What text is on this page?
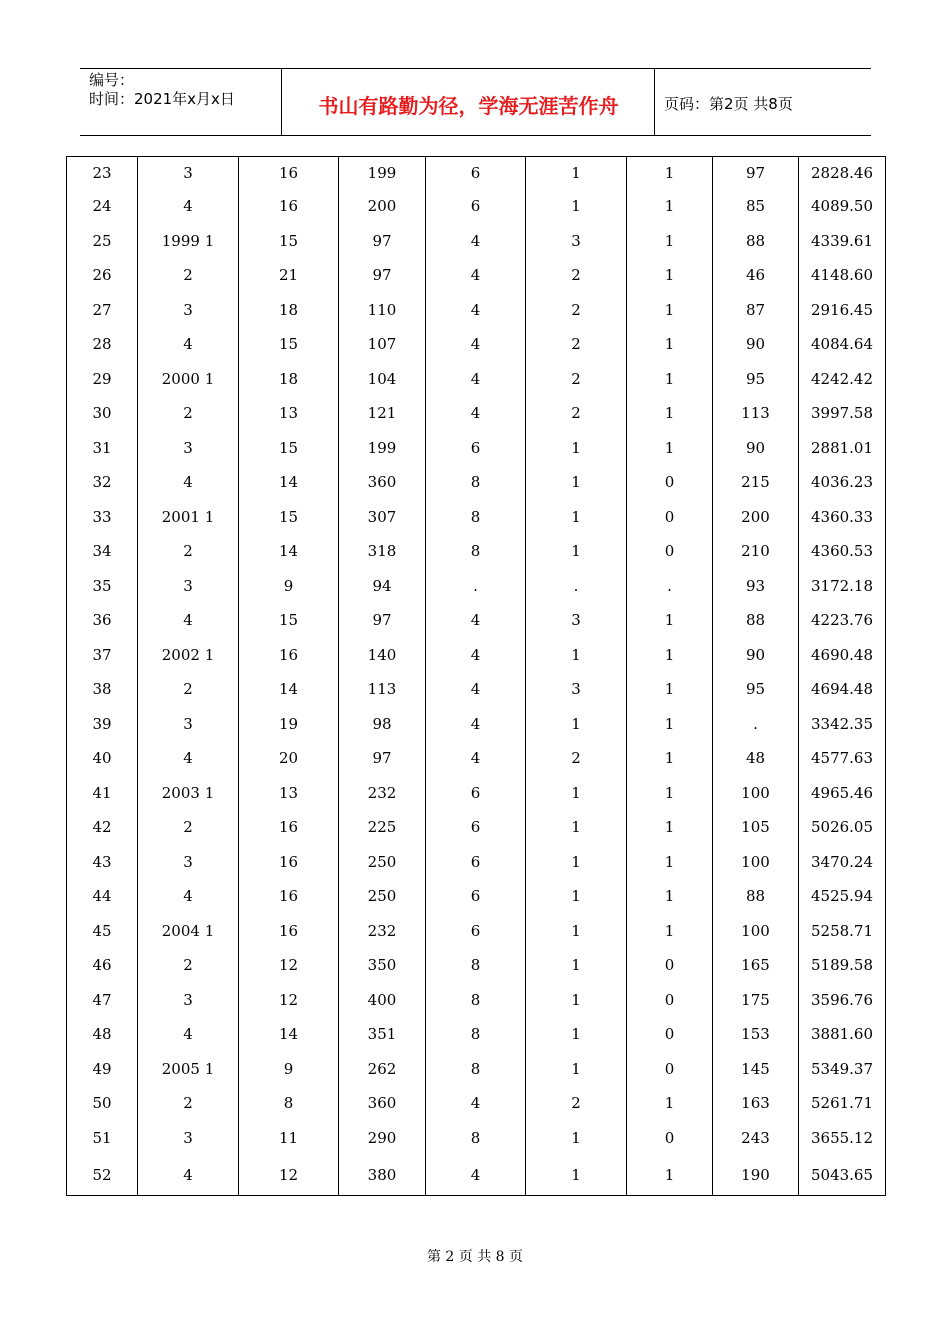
编号：
时间：2021年x月x日	书山有路勤为径，学海无涯苦作舟	页码：第2页 共8页
23	3	16	199	6	1	1	97	2828.46
24	4	16	200	6	1	1	85	4089.50
25	1999 1	15	97	4	3	1	88	4339.61
26	2	21	97	4	2	1	46	4148.60
27	3	18	110	4	2	1	87	2916.45
28	4	15	107	4	2	1	90	4084.64
29	2000 1	18	104	4	2	1	95	4242.42
30	2	13	121	4	2	1	113	3997.58
31	3	15	199	6	1	1	90	2881.01
32	4	14	360	8	1	0	215	4036.23
33	2001 1	15	307	8	1	0	200	4360.33
34	2	14	318	8	1	0	210	4360.53
35	3	9	94	.	.	.	93	3172.18
36	4	15	97	4	3	1	88	4223.76
37	2002 1	16	140	4	1	1	90	4690.48
38	2	14	113	4	3	1	95	4694.48
39	3	19	98	4	1	1	.	3342.35
40	4	20	97	4	2	1	48	4577.63
41	2003 1	13	232	6	1	1	100	4965.46
42	2	16	225	6	1	1	105	5026.05
43	3	16	250	6	1	1	100	3470.24
44	4	16	250	6	1	1	88	4525.94
45	2004 1	16	232	6	1	1	100	5258.71
46	2	12	350	8	1	0	165	5189.58
47	3	12	400	8	1	0	175	3596.76
48	4	14	351	8	1	0	153	3881.60
49	2005 1	9	262	8	1	0	145	5349.37
50	2	8	360	4	2	1	163	5261.71
51	3	11	290	8	1	0	243	3655.12
52	4	12	380	4	1	1	190	5043.65
第 2 页 共 8 页
